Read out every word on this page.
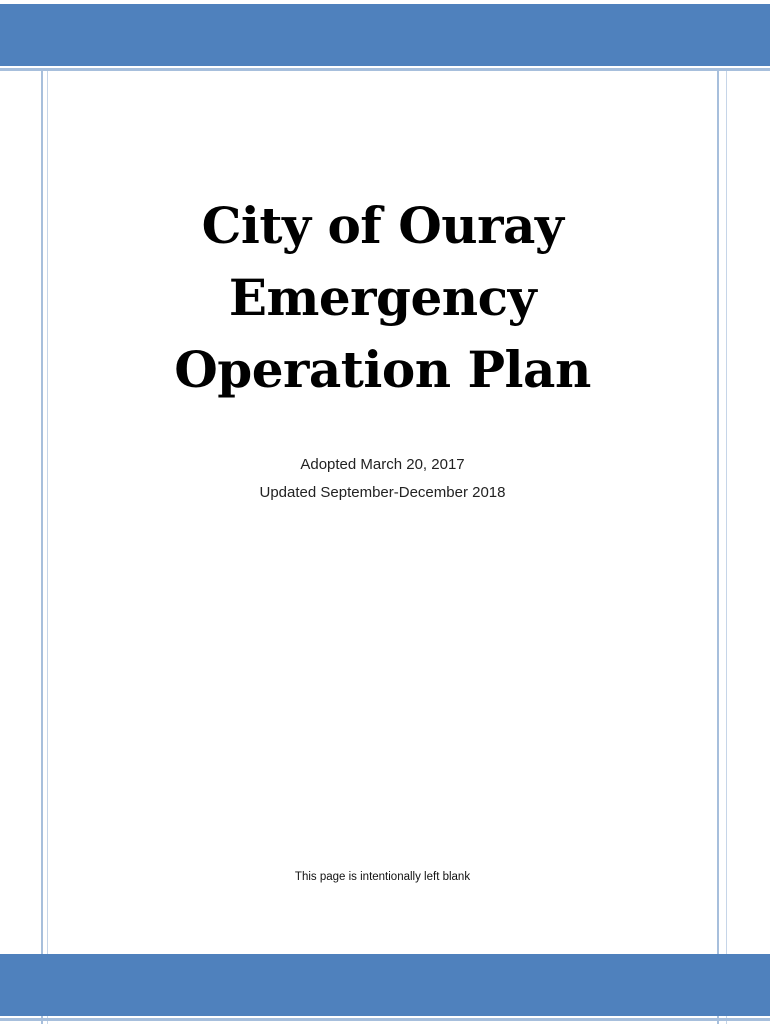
City of Ouray
Emergency
Operation Plan

Adopted March 20, 2017

Updated September-December 2018

This page is intentionally left blank
